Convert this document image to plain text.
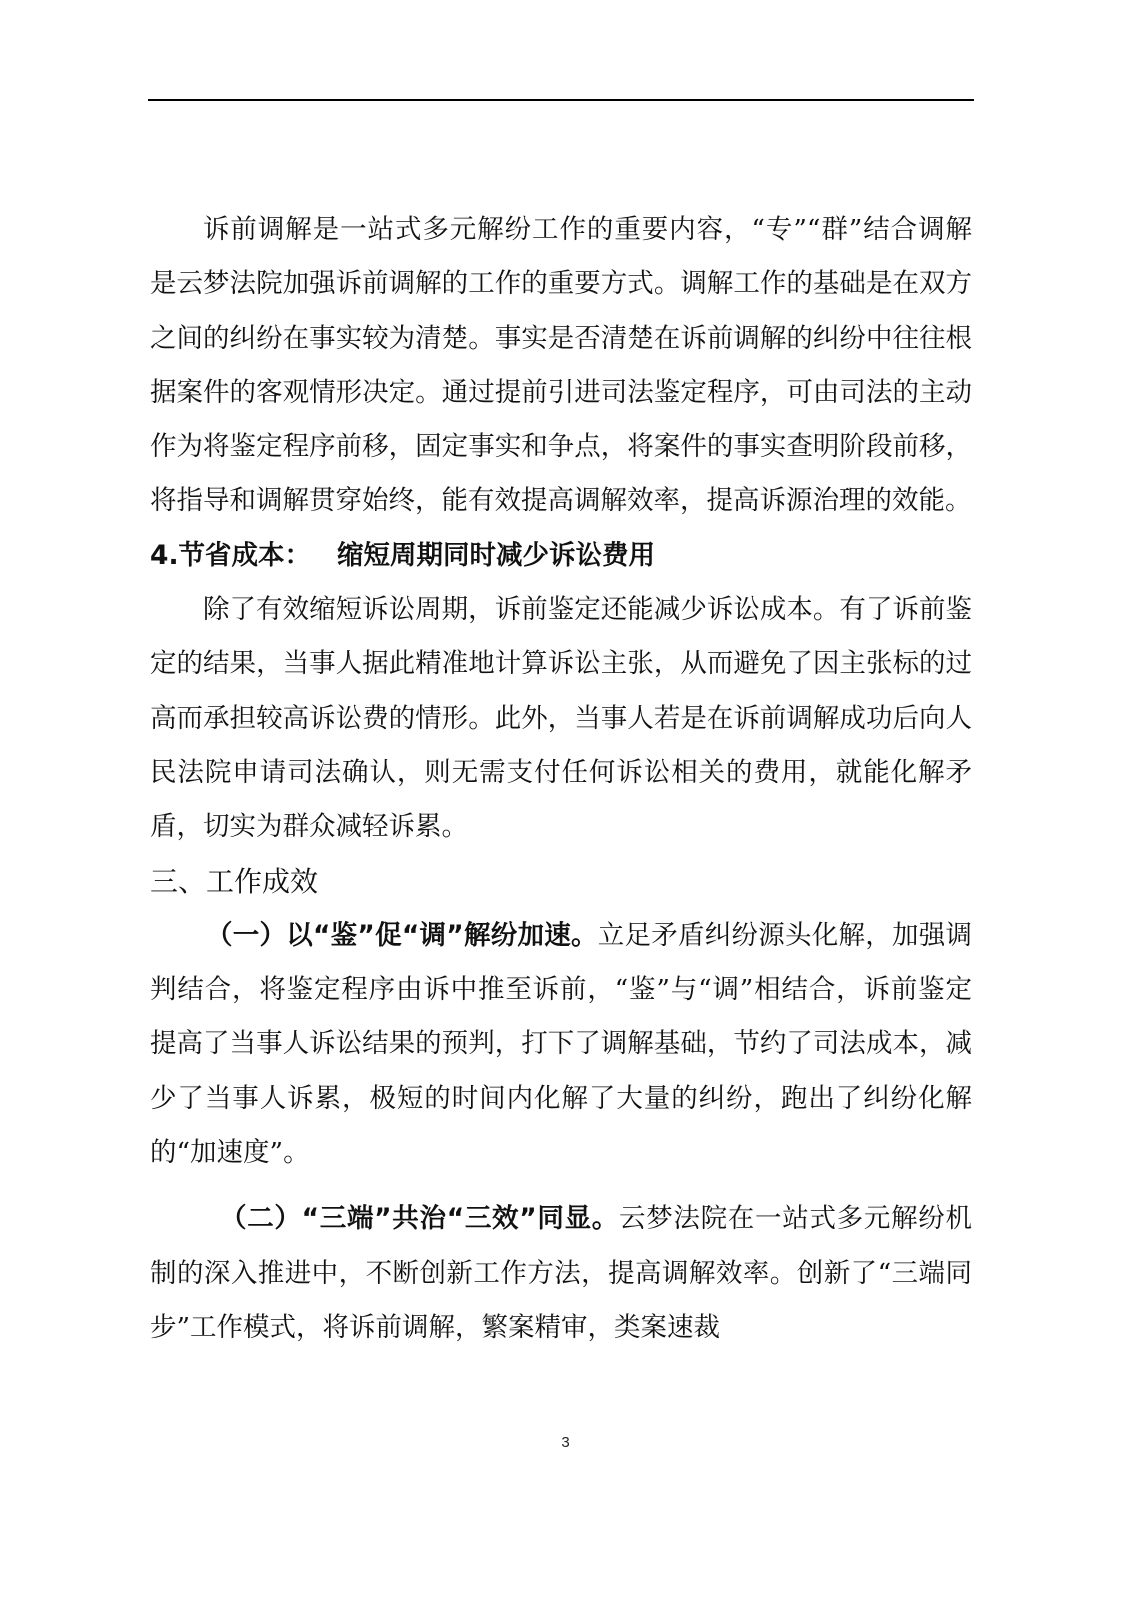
诉前调解是一站式多元解纷工作的重要内容，“专”“群”结合调解是云梦法院加强诉前调解的工作的重要方式。调解工作的基础是在双方之间的纠纷在事实较为清楚。事实是否清楚在诉前调解的纠纷中往往根据案件的客观情形决定。通过提前引进司法鉴定程序，可由司法的主动作为将鉴定程序前移，固定事实和争点，将案件的事实查明阶段前移，将指导和调解贯穿始终，能有效提高调解效率，提高诉源治理的效能。

4.节省成本： 缩短周期同时减少诉讼费用

除了有效缩短诉讼周期，诉前鉴定还能减少诉讼成本。有了诉前鉴定的结果，当事人据此精准地计算诉讼主张，从而避免了因主张标的过高而承担较高诉讼费的情形。此外，当事人若是在诉前调解成功后向人民法院申请司法确认，则无需支付任何诉讼相关的费用，就能化解矛盾，切实为群众减轻诉累。

三、工作成效

（一）以“鉴”促“调”解纷加速。立足矛盾纠纷源头化解，加强调判结合，将鉴定程序由诉中推至诉前，“鉴”与“调”相结合，诉前鉴定提高了当事人诉讼结果的预判，打下了调解基础，节约了司法成本，减少了当事人诉累，极短的时间内化解了大量的纠纷，跑出了纠纷化解的“加速度”。

（二）“三端”共治“三效”同显。云梦法院在一站式多元解纷机制的深入推进中，不断创新工作方法，提高调解效率。创新了“三端同步”工作模式，将诉前调解，繁案精审，类案速裁

3
